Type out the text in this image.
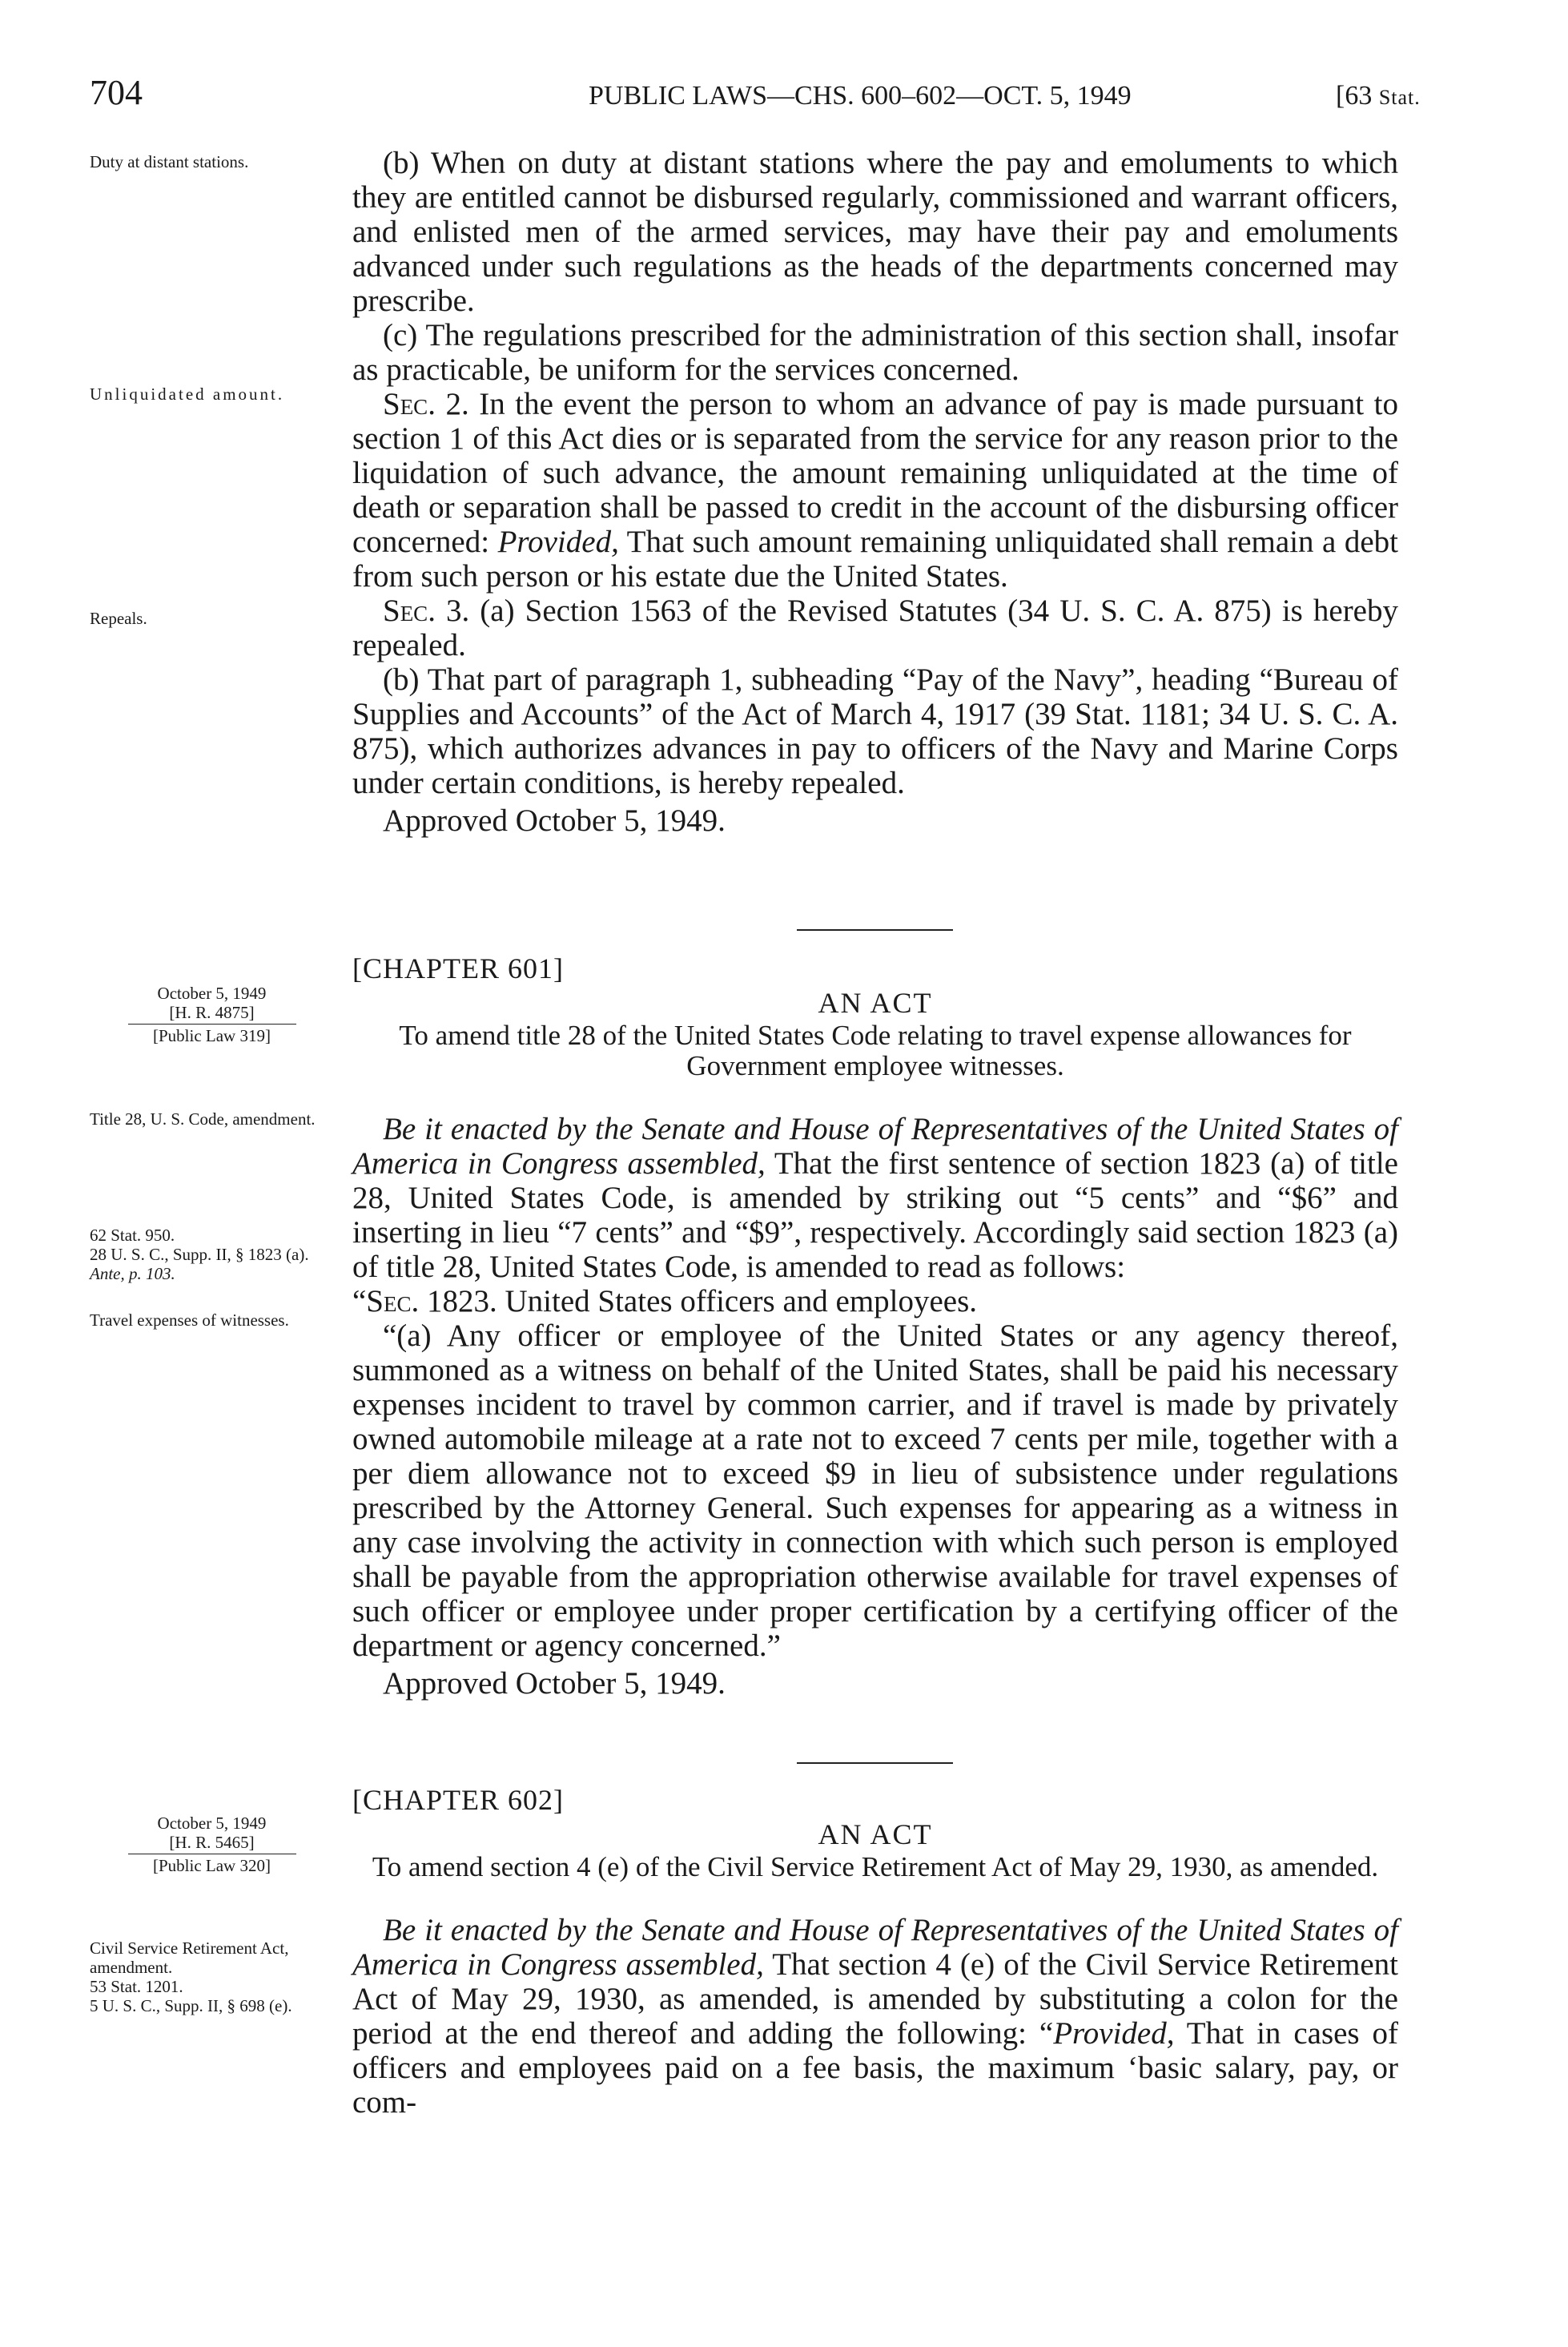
704	PUBLIC LAWS—CHS. 600–602—OCT. 5, 1949	[63 Stat.
Duty at distant stations.
Unliquidated amount.
Repeals.
October 5, 1949
[H. R. 4875]
[Public Law 319]
Title 28, U. S. Code, amendment.
62 Stat. 950.
28 U. S. C., Supp. II, § 1823 (a).
Ante, p. 103.
Travel expenses of witnesses.
October 5, 1949
[H. R. 5465]
[Public Law 320]
Civil Service Retirement Act, amendment.
53 Stat. 1201.
5 U. S. C., Supp. II, § 698 (e).

(b) When on duty at distant stations where the pay and emoluments to which they are entitled cannot be disbursed regularly, commissioned and warrant officers, and enlisted men of the armed services, may have their pay and emoluments advanced under such regulations as the heads of the departments concerned may prescribe.

(c) The regulations prescribed for the administration of this section shall, insofar as practicable, be uniform for the services concerned.

Sec. 2. In the event the person to whom an advance of pay is made pursuant to section 1 of this Act dies or is separated from the service for any reason prior to the liquidation of such advance, the amount remaining unliquidated at the time of death or separation shall be passed to credit in the account of the disbursing officer concerned: Provided, That such amount remaining unliquidated shall remain a debt from such person or his estate due the United States.

Sec. 3. (a) Section 1563 of the Revised Statutes (34 U. S. C. A. 875) is hereby repealed.

(b) That part of paragraph 1, subheading “Pay of the Navy”, heading “Bureau of Supplies and Accounts” of the Act of March 4, 1917 (39 Stat. 1181; 34 U. S. C. A. 875), which authorizes advances in pay to officers of the Navy and Marine Corps under certain conditions, is hereby repealed.

Approved October 5, 1949.

[CHAPTER 601]
AN ACT
To amend title 28 of the United States Code relating to travel expense allowances for Government employee witnesses.

Be it enacted by the Senate and House of Representatives of the United States of America in Congress assembled, That the first sentence of section 1823 (a) of title 28, United States Code, is amended by striking out “5 cents” and “$6” and inserting in lieu “7 cents” and “$9”, respectively. Accordingly said section 1823 (a) of title 28, United States Code, is amended to read as follows:

“Sec. 1823. United States officers and employees.

“(a) Any officer or employee of the United States or any agency thereof, summoned as a witness on behalf of the United States, shall be paid his necessary expenses incident to travel by common carrier, and if travel is made by privately owned automobile mileage at a rate not to exceed 7 cents per mile, together with a per diem allowance not to exceed $9 in lieu of subsistence under regulations prescribed by the Attorney General. Such expenses for appearing as a witness in any case involving the activity in connection with which such person is employed shall be payable from the appropriation otherwise available for travel expenses of such officer or employee under proper certification by a certifying officer of the department or agency concerned.”

Approved October 5, 1949.

[CHAPTER 602]
AN ACT
To amend section 4 (e) of the Civil Service Retirement Act of May 29, 1930, as amended.

Be it enacted by the Senate and House of Representatives of the United States of America in Congress assembled, That section 4 (e) of the Civil Service Retirement Act of May 29, 1930, as amended, is amended by substituting a colon for the period at the end thereof and adding the following: “Provided, That in cases of officers and employees paid on a fee basis, the maximum ‘basic salary, pay, or com-
